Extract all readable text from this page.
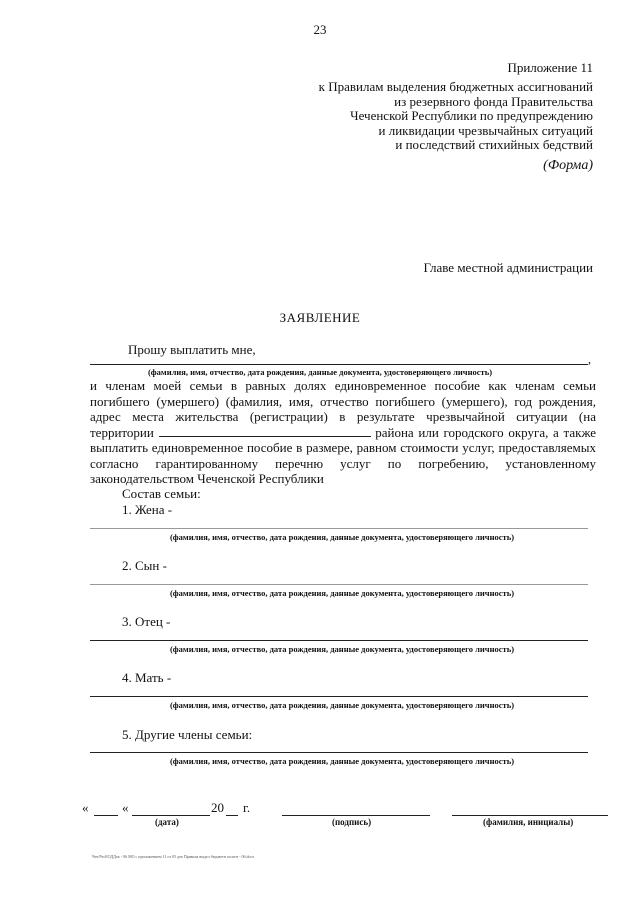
23
Приложение 11
к Правилам выделения бюджетных ассигнований
из резервного фонда Правительства
Чеченской Республики по предупреждению
и ликвидации чрезвычайных ситуаций
и последствий стихийных бедствий
(Форма)
Главе местной администрации
ЗАЯВЛЕНИЕ
Прошу выплатить мне,
,
(фамилия, имя, отчество, дата рождения, данные документа, удостоверяющего личность)

и членам моей семьи в равных долях единовременное пособие как членам семьи погибшего (умершего) (фамилия, имя, отчество погибшего (умершего), год рождения, адрес места жительства (регистрации) в результате чрезвычайной ситуации (на территории	района или городского округа, а также выплатить единовременное пособие в размере, равном стоимости услуг, предоставляемых согласно гарантированному перечню услуг по погребению, установленному законодательством Чеченской Республики

Состав семьи:
1. Жена -
(фамилия, имя, отчество, дата рождения, данные документа, удостоверяющего личность)
2. Сын -
(фамилия, имя, отчество, дата рождения, данные документа, удостоверяющего личность)
3. Отец -
(фамилия, имя, отчество, дата рождения, данные документа, удостоверяющего личность)
4. Мать -
(фамилия, имя, отчество, дата рождения, данные документа, удостоверяющего личность)
5. Другие члены семьи:
(фамилия, имя, отчество, дата рождения, данные документа, удостоверяющего личность)
«	«	20 г.
(дата)	(подпись)	(фамилия, инициалы)
Чеч/РесЕОДДок - 06 МО с приложением 11 от 05 дек Правила выдел бюджетн ассигн - 06.docx
